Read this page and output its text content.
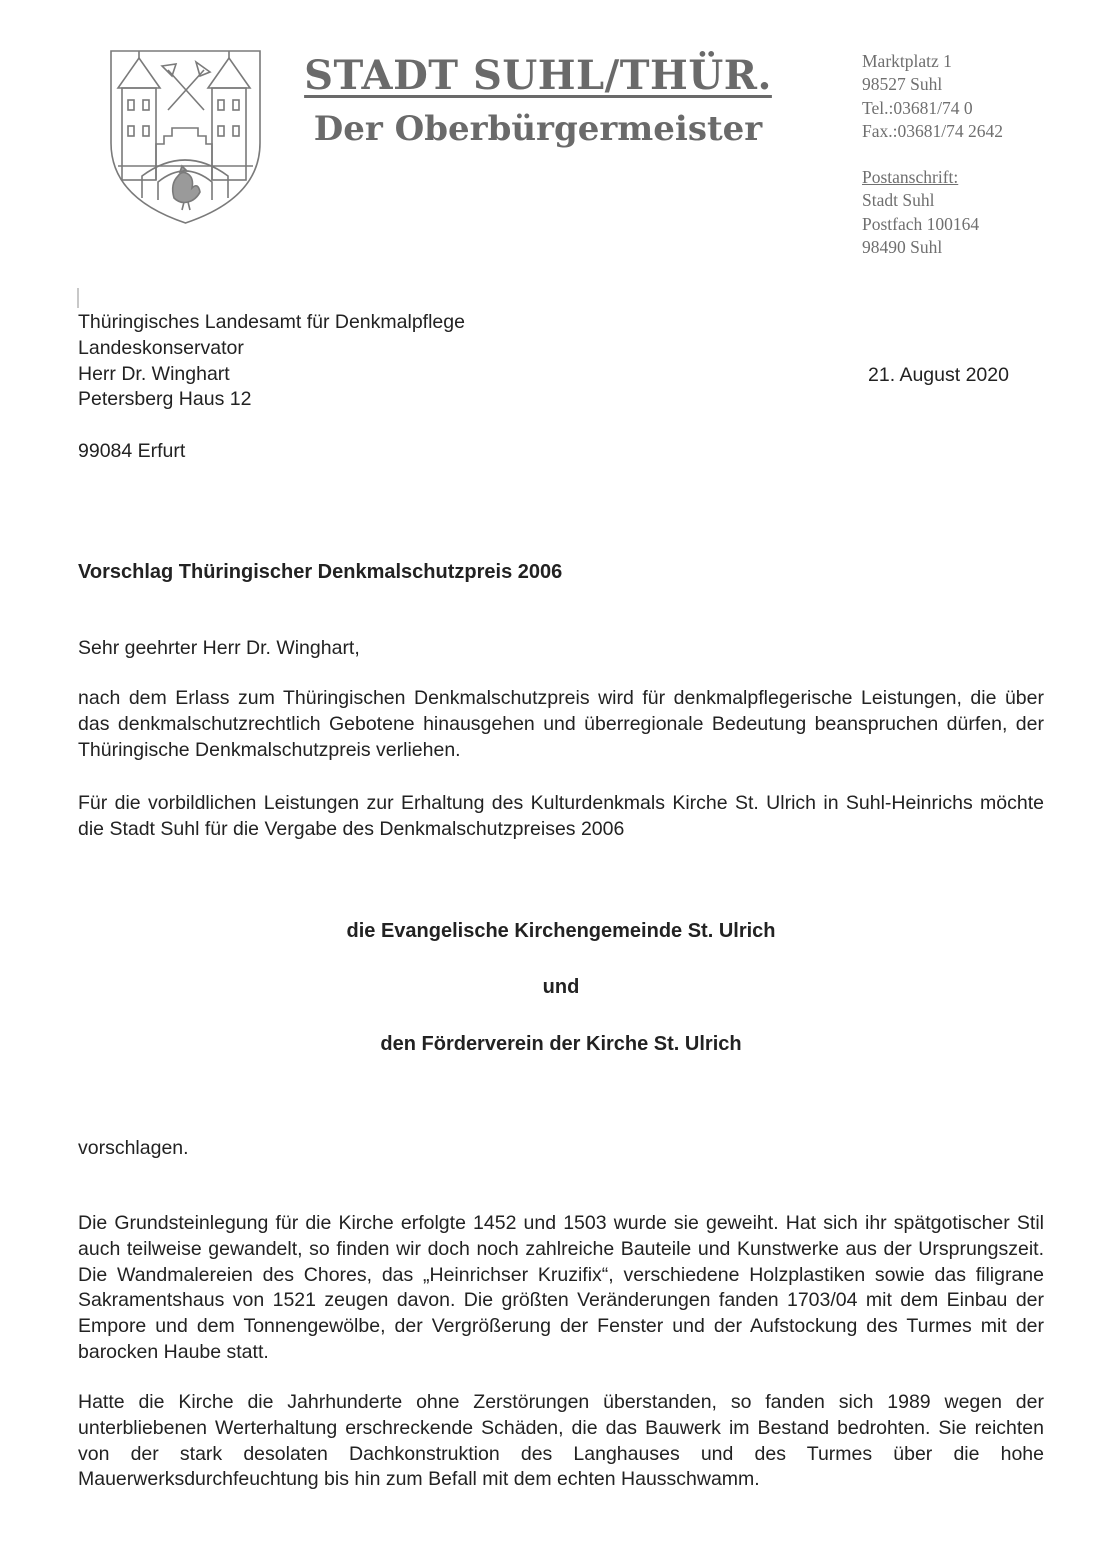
STADT SUHL/THÜR.
Der Oberbürgermeister
Marktplatz 1
98527 Suhl
Tel.:03681/74 0
Fax.:03681/74 2642
Postanschrift:
Stadt Suhl
Postfach 100164
98490 Suhl
Thüringisches Landesamt für Denkmalpflege
Landeskonservator
Herr Dr. Winghart
Petersberg Haus 12
99084 Erfurt
21. August 2020
Vorschlag Thüringischer Denkmalschutzpreis 2006
Sehr geehrter Herr Dr. Winghart,
nach dem Erlass zum Thüringischen Denkmalschutzpreis wird für denkmalpflegerische Leistungen, die über das denkmalschutzrechtlich Gebotene hinausgehen und überregionale Bedeutung beanspruchen dürfen, der Thüringische Denkmalschutzpreis verliehen.
Für die vorbildlichen Leistungen zur Erhaltung des Kulturdenkmals Kirche St. Ulrich in Suhl-Heinrichs möchte die Stadt Suhl für die Vergabe des Denkmalschutzpreises 2006
die Evangelische Kirchengemeinde St. Ulrich
und
den Förderverein der Kirche St. Ulrich
vorschlagen.
Die Grundsteinlegung für die Kirche erfolgte 1452 und 1503 wurde sie geweiht. Hat sich ihr spätgotischer Stil auch teilweise gewandelt, so finden wir doch noch zahlreiche Bauteile und Kunstwerke aus der Ursprungszeit. Die Wandmalereien des Chores, das „Heinrichser Kruzifix“, verschiedene Holzplastiken sowie das filigrane Sakramentshaus von 1521 zeugen davon. Die größten Veränderungen fanden 1703/04 mit dem Einbau der Empore und dem Tonnengewölbe, der Vergrößerung der Fenster und der Aufstockung des Turmes mit der barocken Haube statt.
Hatte die Kirche die Jahrhunderte ohne Zerstörungen überstanden, so fanden sich 1989 wegen der unterbliebenen Werterhaltung erschreckende Schäden, die das Bauwerk im Bestand bedrohten. Sie reichten von der stark desolaten Dachkonstruktion des Langhauses und des Turmes über die hohe Mauerwerksdurchfeuchtung bis hin zum Befall mit dem echten Hausschwamm.
